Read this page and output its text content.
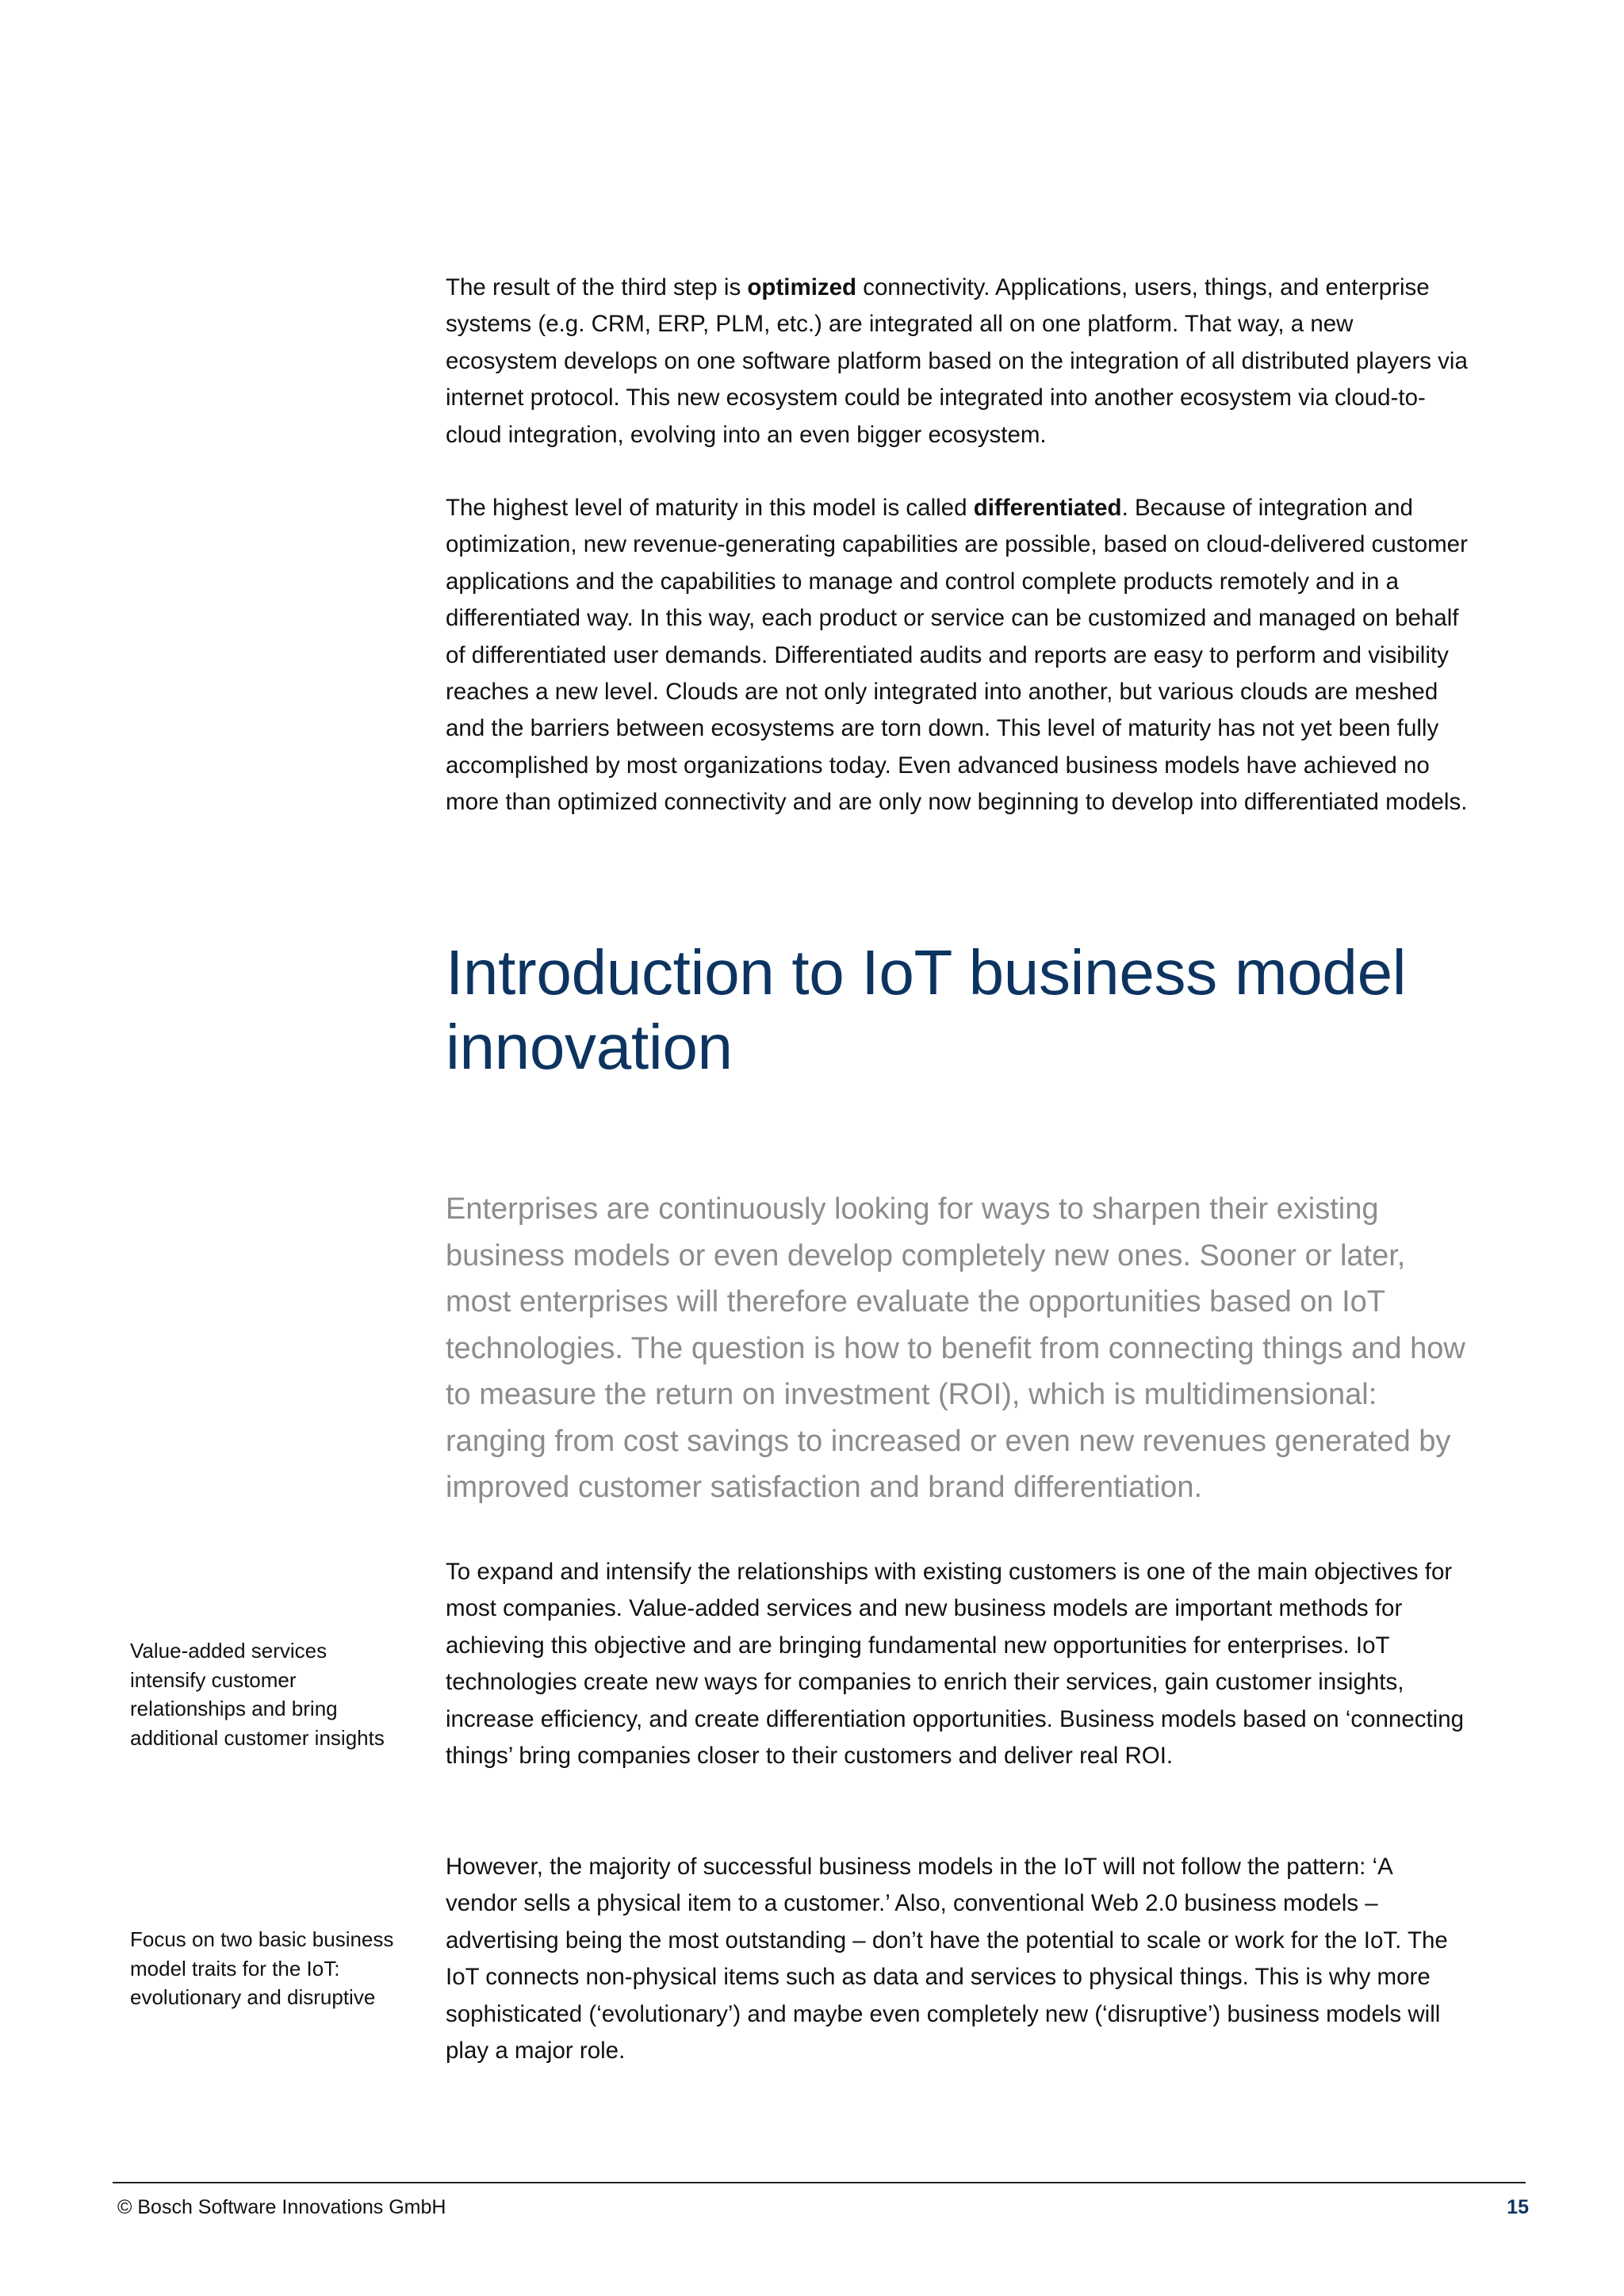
The result of the third step is optimized connectivity. Applications, users, things, and enterprise systems (e.g. CRM, ERP, PLM, etc.) are integrated all on one platform. That way, a new ecosystem develops on one software platform based on the integration of all distributed players via internet protocol. This new ecosystem could be integrated into another ecosystem via cloud-to-cloud integration, evolving into an even bigger ecosystem.

The highest level of maturity in this model is called differentiated. Because of integration and optimization, new revenue-generating capabilities are possible, based on cloud-delivered customer applications and the capabilities to manage and control complete products remotely and in a differentiated way. In this way, each product or service can be customized and managed on behalf of differentiated user demands. Differentiated audits and reports are easy to perform and visibility reaches a new level. Clouds are not only integrated into another, but various clouds are meshed and the barriers between ecosystems are torn down. This level of maturity has not yet been fully accomplished by most organizations today. Even advanced business models have achieved no more than optimized connectivity and are only now beginning to develop into differentiated models.

Introduction to IoT business model innovation

Enterprises are continuously looking for ways to sharpen their existing business models or even develop completely new ones. Sooner or later, most enterprises will therefore evaluate the opportunities based on IoT technologies. The question is how to benefit from connecting things and how to measure the return on investment (ROI), which is multidimensional: ranging from cost savings to increased or even new revenues generated by improved customer satisfaction and brand differentiation.

To expand and intensify the relationships with existing customers is one of the main objectives for most companies. Value-added services and new business models are important methods for achieving this objective and are bringing fundamental new opportunities for enterprises. IoT technologies create new ways for companies to enrich their services, gain customer insights, increase efficiency, and create differentiation opportunities. Business models based on ‘connecting things’ bring companies closer to their customers and deliver real ROI.

However, the majority of successful business models in the IoT will not follow the pattern: ‘A vendor sells a physical item to a customer.’ Also, conventional Web 2.0 business models – advertising being the most outstanding – don’t have the potential to scale or work for the IoT. The IoT connects non-physical items such as data and services to physical things. This is why more sophisticated (‘evolutionary’) and maybe even completely new (‘disruptive’) business models will play a major role.

Value-added services intensify customer relationships and bring additional customer insights

Focus on two basic business model traits for the IoT: evolutionary and disruptive

© Bosch Software Innovations GmbH	15
